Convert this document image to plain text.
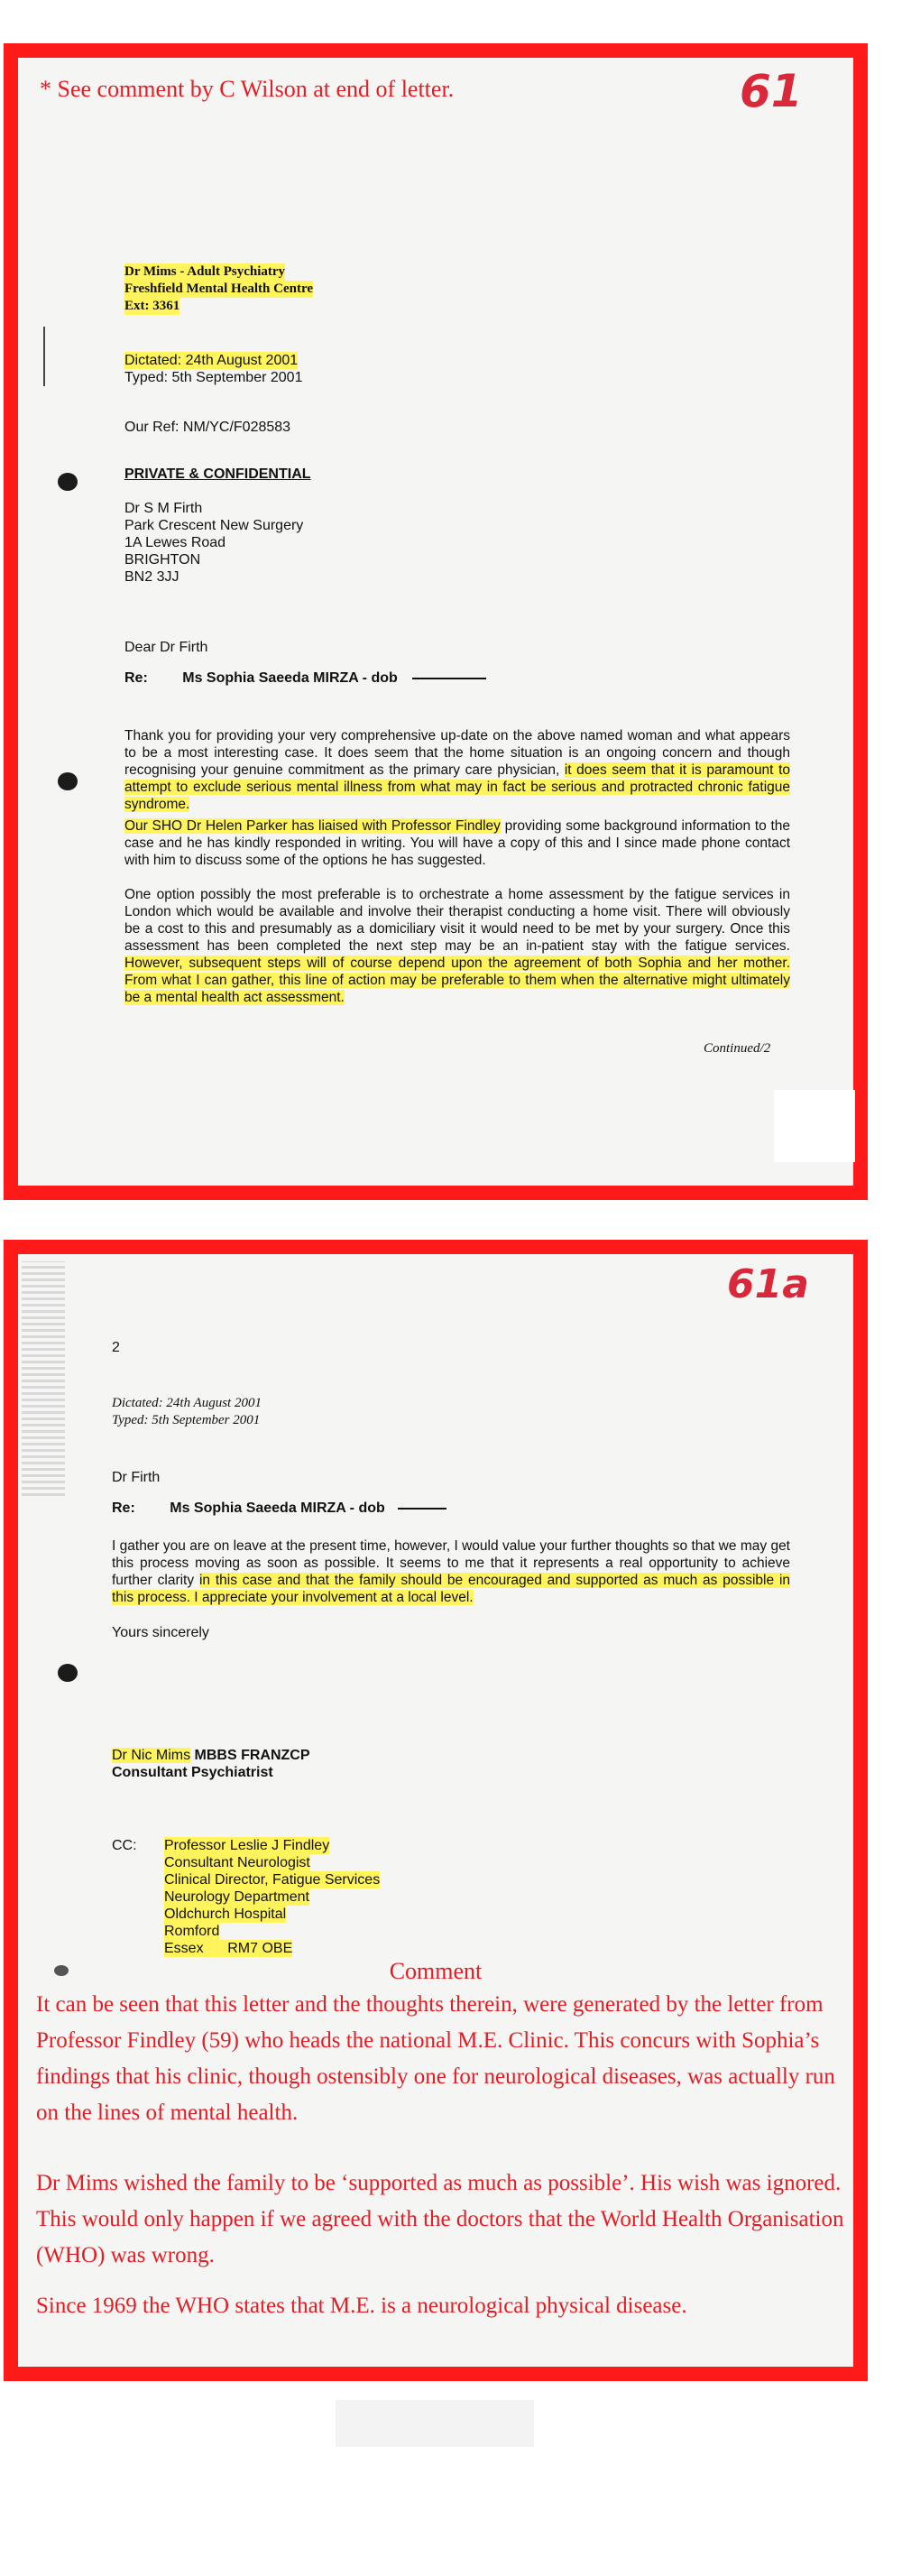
* See comment by C Wilson at end of letter.	61
Dr Mims - Adult Psychiatry
Freshfield Mental Health Centre
Ext: 3361
Dictated: 24th August 2001
Typed: 5th September 2001
Our Ref: NM/YC/F028583
PRIVATE & CONFIDENTIAL
Dr S M Firth
Park Crescent New Surgery
1A Lewes Road
BRIGHTON
BN2 3JJ
Dear Dr Firth
Re: Ms Sophia Saeeda MIRZA - dob
Thank you for providing your very comprehensive up-date on the above named woman and what appears to be a most interesting case. It does seem that the home situation is an ongoing concern and though recognising your genuine commitment as the primary care physician, it does seem that it is paramount to attempt to exclude serious mental illness from what may in fact be serious and protracted chronic fatigue syndrome.
Our SHO Dr Helen Parker has liaised with Professor Findley providing some background information to the case and he has kindly responded in writing. You will have a copy of this and I since made phone contact with him to discuss some of the options he has suggested.
One option possibly the most preferable is to orchestrate a home assessment by the fatigue services in London which would be available and involve their therapist conducting a home visit. There will obviously be a cost to this and presumably as a domiciliary visit it would need to be met by your surgery. Once this assessment has been completed the next step may be an in-patient stay with the fatigue services. However, subsequent steps will of course depend upon the agreement of both Sophia and her mother. From what I can gather, this line of action may be preferable to them when the alternative might ultimately be a mental health act assessment.
Continued/2
61a
2
Dictated: 24th August 2001
Typed: 5th September 2001
Dr Firth
Re: Ms Sophia Saeeda MIRZA - dob
I gather you are on leave at the present time, however, I would value your further thoughts so that we may get this process moving as soon as possible. It seems to me that it represents a real opportunity to achieve further clarity in this case and that the family should be encouraged and supported as much as possible in this process. I appreciate your involvement at a local level.
Yours sincerely
Dr Nic Mims MBBS FRANZCP
Consultant Psychiatrist
CC: Professor Leslie J Findley
Consultant Neurologist
Clinical Director, Fatigue Services
Neurology Department
Oldchurch Hospital
Romford
Essex      RM7 OBE
Comment
It can be seen that this letter and the thoughts therein, were generated by the letter from Professor Findley (59) who heads the national M.E. Clinic. This concurs with Sophia’s findings that his clinic, though ostensibly one for neurological diseases, was actually run on the lines of mental health.
Dr Mims wished the family to be ‘supported as much as possible’. His wish was ignored. This would only happen if we agreed with the doctors that the World Health Organisation (WHO) was wrong.
Since 1969 the WHO states that M.E. is a neurological physical disease.
